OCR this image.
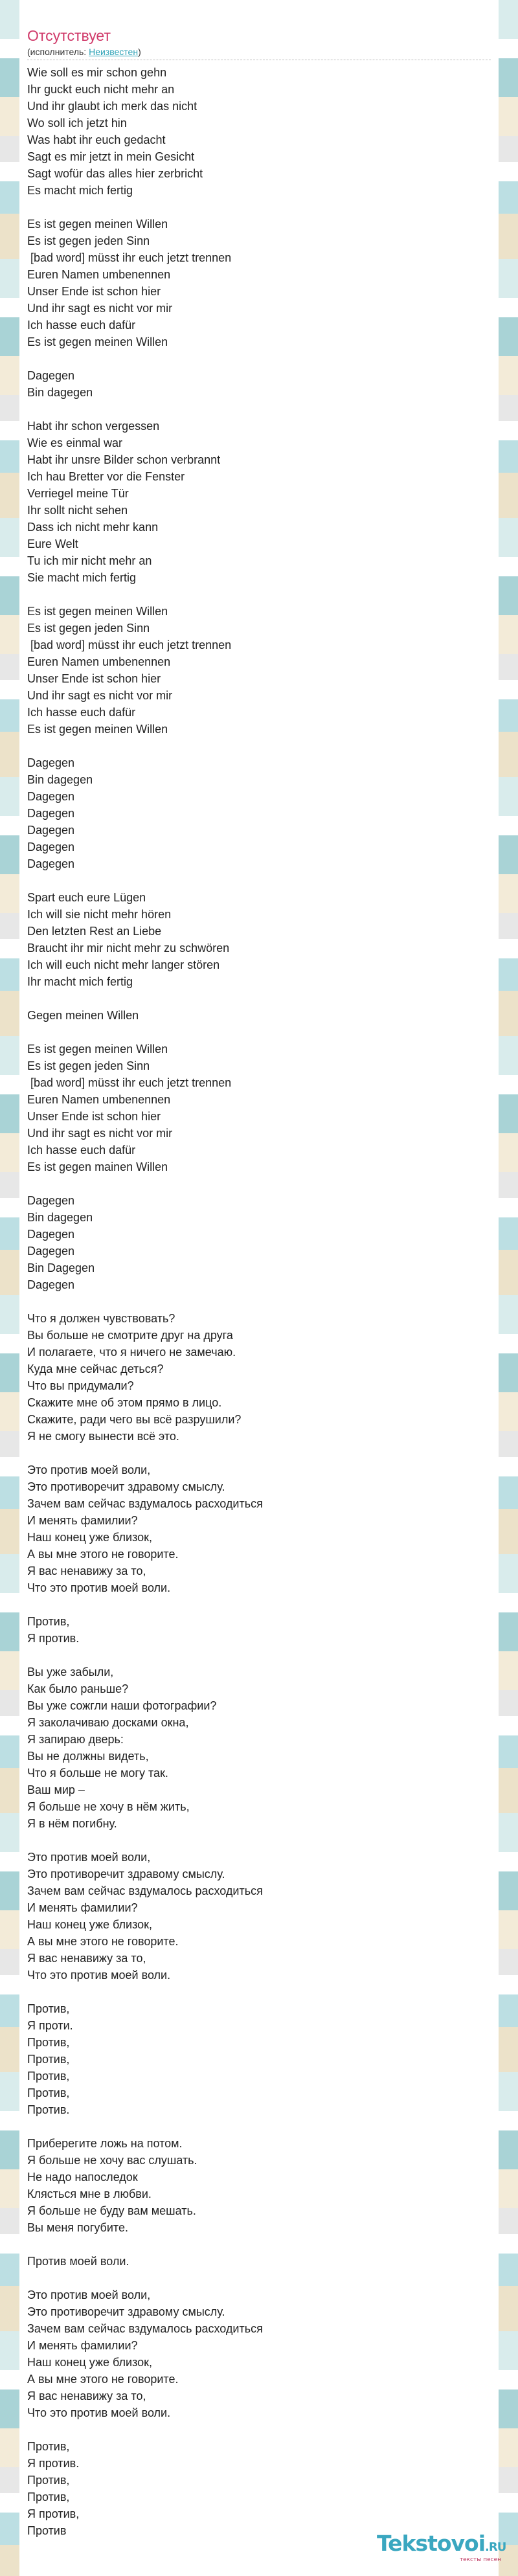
Отсутствует
(исполнитель: Неизвестен)
Wie soll es mir schon gehn
Ihr guckt euch nicht mehr an
Und ihr glaubt ich merk das nicht
Wo soll ich jetzt hin
Was habt ihr euch gedacht
Sagt es mir jetzt in mein Gesicht
Sagt wofür das alles hier zerbricht
Es macht mich fertig
Es ist gegen meinen Willen
Es ist gegen jeden Sinn
[bad word] müsst ihr euch jetzt trennen
Euren Namen umbenennen
Unser Ende ist schon hier
Und ihr sagt es nicht vor mir
Ich hasse euch dafür
Es ist gegen meinen Willen
Dagegen
Bin dagegen
Habt ihr schon vergessen
Wie es einmal war
Habt ihr unsre Bilder schon verbrannt
Ich hau Bretter vor die Fenster
Verriegel meine Tür
Ihr sollt nicht sehen
Dass ich nicht mehr kann
Eure Welt
Tu ich mir nicht mehr an
Sie macht mich fertig
Es ist gegen meinen Willen
Es ist gegen jeden Sinn
[bad word] müsst ihr euch jetzt trennen
Euren Namen umbenennen
Unser Ende ist schon hier
Und ihr sagt es nicht vor mir
Ich hasse euch dafür
Es ist gegen meinen Willen
Dagegen
Bin dagegen
Dagegen
Dagegen
Dagegen
Dagegen
Dagegen
Spart euch eure Lügen
Ich will sie nicht mehr hören
Den letzten Rest an Liebe
Braucht ihr mir nicht mehr zu schwören
Ich will euch nicht mehr langer stören
Ihr macht mich fertig
Gegen meinen Willen
Es ist gegen meinen Willen
Es ist gegen jeden Sinn
[bad word] müsst ihr euch jetzt trennen
Euren Namen umbenennen
Unser Ende ist schon hier
Und ihr sagt es nicht vor mir
Ich hasse euch dafür
Es ist gegen mainen Willen
Dagegen
Bin dagegen
Dagegen
Dagegen
Bin Dagegen
Dagegen
Что я должен чувствовать?
Вы больше не смотрите друг на друга
И полагаете, что я ничего не замечаю.
Куда мне сейчас деться?
Что вы придумали?
Скажите мне об этом прямо в лицо.
Скажите, ради чего вы всё разрушили?
Я не смогу вынести всё это.
Это против моей воли,
Это противоречит здравому смыслу.
Зачем вам сейчас вздумалось расходиться
И менять фамилии?
Наш конец уже близок,
А вы мне этого не говорите.
Я вас ненавижу за то,
Что это против моей воли.
Против,
Я против.
Вы уже забыли,
Как было раньше?
Вы уже сожгли наши фотографии?
Я заколачиваю досками окна,
Я запираю дверь:
Вы не должны видеть,
Что я больше не могу так.
Ваш мир –
Я больше не хочу в нём жить,
Я в нём погибну.
Это против моей воли,
Это противоречит здравому смыслу.
Зачем вам сейчас вздумалось расходиться
И менять фамилии?
Наш конец уже близок,
А вы мне этого не говорите.
Я вас ненавижу за то,
Что это против моей воли.
Против,
Я проти.
Против,
Против,
Против,
Против,
Против.
Приберегите ложь на потом.
Я больше не хочу вас слушать.
Не надо напоследок
Клясться мне в любви.
Я больше не буду вам мешать.
Вы меня погубите.
Против моей воли.
Это против моей воли,
Это противоречит здравому смыслу.
Зачем вам сейчас вздумалось расходиться
И менять фамилии?
Наш конец уже близок,
А вы мне этого не говорите.
Я вас ненавижу за то,
Что это против моей воли.
Против,
Я против.
Против,
Против,
Я против,
Против	Tekstovoi.RU
тексты песен
